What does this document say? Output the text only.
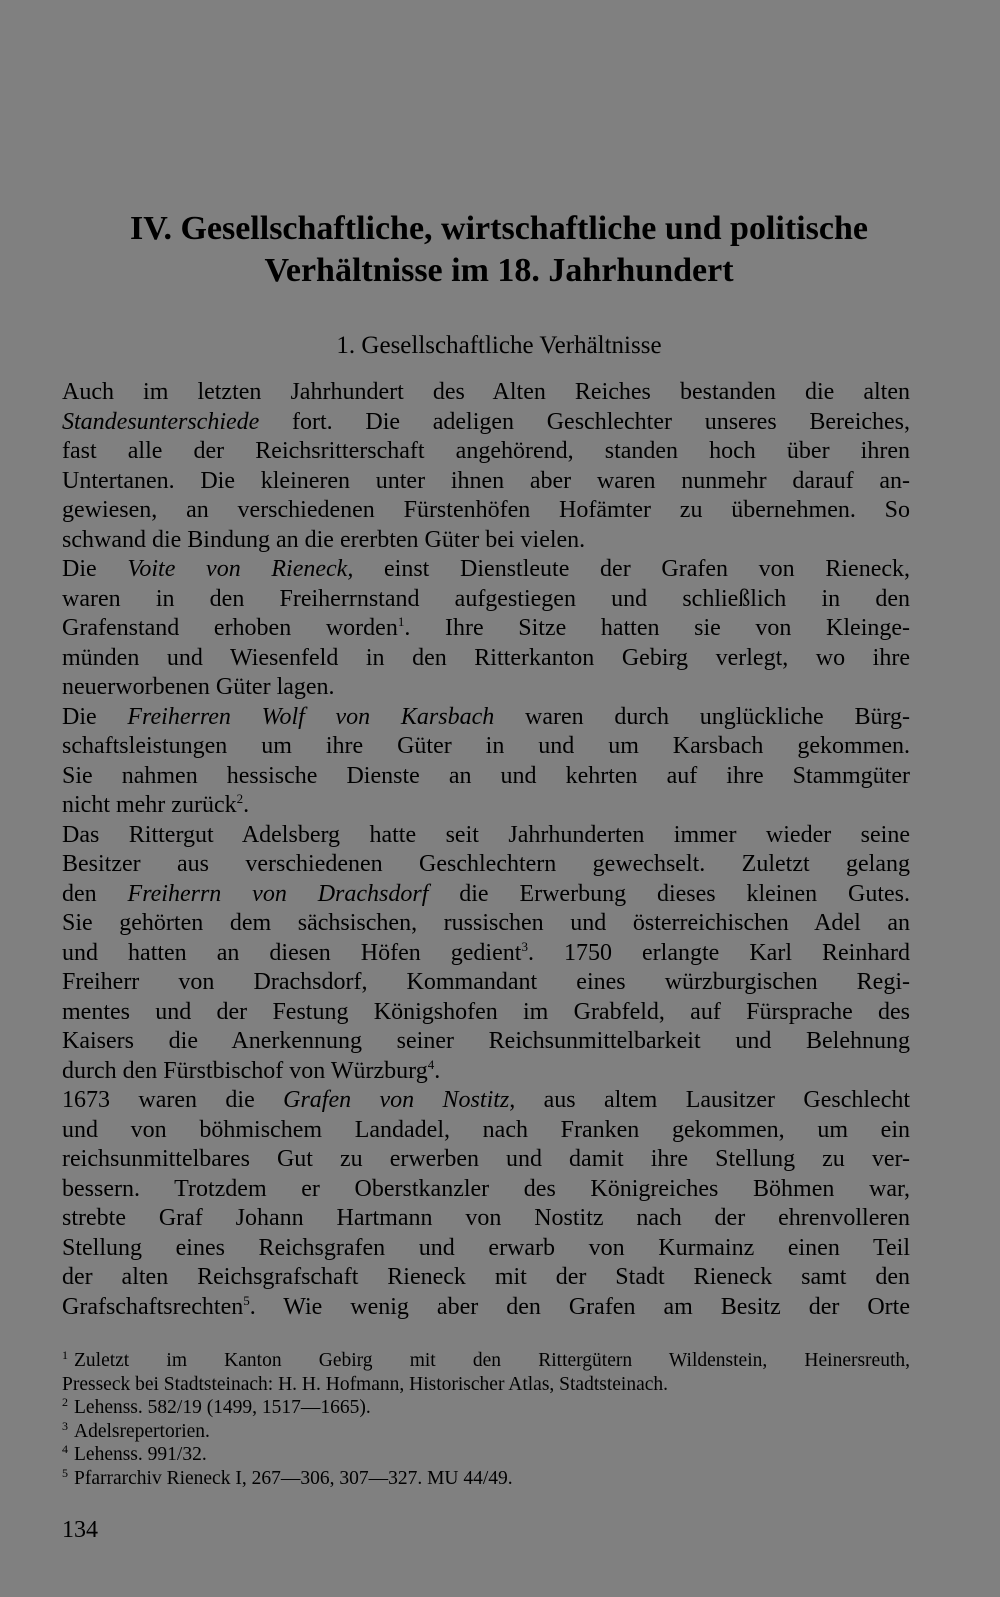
IV. Gesellschaftliche, wirtschaftliche und politische
Verhältnisse im 18. Jahrhundert
1. Gesellschaftliche Verhältnisse
Auch im letzten Jahrhundert des Alten Reiches bestanden die alten
Standesunterschiede fort. Die adeligen Geschlechter unseres Bereiches,
fast alle der Reichsritterschaft angehörend, standen hoch über ihren
Untertanen. Die kleineren unter ihnen aber waren nunmehr darauf an-
gewiesen, an verschiedenen Fürstenhöfen Hofämter zu übernehmen. So
schwand die Bindung an die ererbten Güter bei vielen.
Die Voite von Rieneck, einst Dienstleute der Grafen von Rieneck,
waren in den Freiherrnstand aufgestiegen und schließlich in den
Grafenstand erhoben worden$^1$. Ihre Sitze hatten sie von Kleinge-
münden und Wiesenfeld in den Ritterkanton Gebirg verlegt, wo ihre
neuerworbenen Güter lagen.
Die Freiherren Wolf von Karsbach waren durch unglückliche Bürg-
schaftsleistungen um ihre Güter in und um Karsbach gekommen.
Sie nahmen hessische Dienste an und kehrten auf ihre Stammgüter
nicht mehr zurück$^2$.
Das Rittergut Adelsberg hatte seit Jahrhunderten immer wieder seine
Besitzer aus verschiedenen Geschlechtern gewechselt. Zuletzt gelang
den Freiherrn von Drachsdorf die Erwerbung dieses kleinen Gutes.
Sie gehörten dem sächsischen, russischen und österreichischen Adel an
und hatten an diesen Höfen gedient$^3$. 1750 erlangte Karl Reinhard
Freiherr von Drachsdorf, Kommandant eines würzburgischen Regi-
mentes und der Festung Königshofen im Grabfeld, auf Fürsprache des
Kaisers die Anerkennung seiner Reichsunmittelbarkeit und Belehnung
durch den Fürstbischof von Würzburg$^4$.
1673 waren die Grafen von Nostitz, aus altem Lausitzer Geschlecht
und von böhmischem Landadel, nach Franken gekommen, um ein
reichsunmittelbares Gut zu erwerben und damit ihre Stellung zu ver-
bessern. Trotzdem er Oberstkanzler des Königreiches Böhmen war,
strebte Graf Johann Hartmann von Nostitz nach der ehrenvolleren
Stellung eines Reichsgrafen und erwarb von Kurmainz einen Teil
der alten Reichsgrafschaft Rieneck mit der Stadt Rieneck samt den
Grafschaftsrechten$^5$. Wie wenig aber den Grafen am Besitz der Orte
$^1$ Zuletzt im Kanton Gebirg mit den Rittergütern Wildenstein, Heinersreuth,
Presseck bei Stadtsteinach: H. H. Hofmann, Historischer Atlas, Stadtsteinach.
$^2$ Lehenss. 582/19 (1499, 1517—1665).
$^3$ Adelsrepertorien.
$^4$ Lehenss. 991/32.
$^5$ Pfarrarchiv Rieneck I, 267—306, 307—327. MU 44/49.
134
